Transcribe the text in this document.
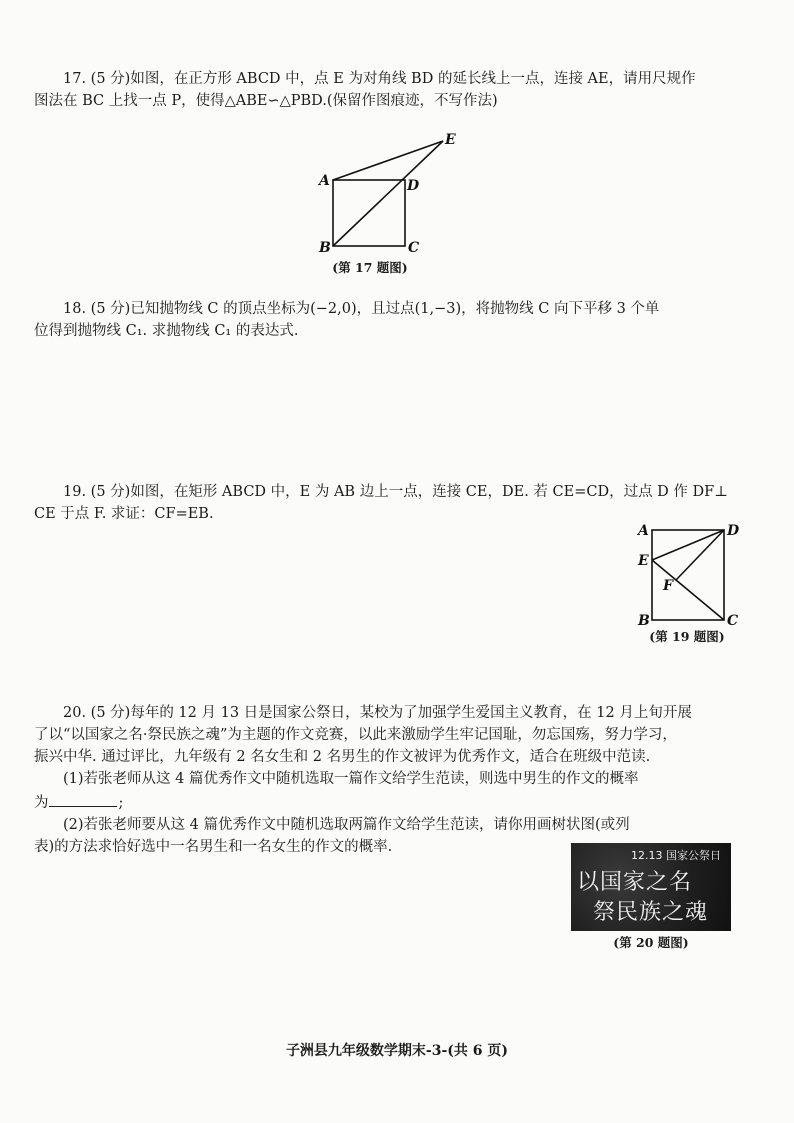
17. (5 分)如图，在正方形 ABCD 中，点 E 为对角线 BD 的延长线上一点，连接 AE，请用尺规作

图法在 BC 上找一点 P，使得△ABE∽△PBD.(保留作图痕迹，不写作法)

A	D
B	C
E
(第 17 题图)

18. (5 分)已知抛物线 C 的顶点坐标为(−2,0)，且过点(1,−3)，将抛物线 C 向下平移 3 个单

位得到抛物线 C₁. 求抛物线 C₁ 的表达式.

19. (5 分)如图，在矩形 ABCD 中，E 为 AB 边上一点，连接 CE，DE. 若 CE=CD，过点 D 作 DF⊥

CE 于点 F. 求证：CF=EB.

A	D
E
F
B	C
(第 19 题图)

20. (5 分)每年的 12 月 13 日是国家公祭日，某校为了加强学生爱国主义教育，在 12 月上旬开展

了以“以国家之名·祭民族之魂”为主题的作文竞赛，以此来激励学生牢记国耻，勿忘国殇，努力学习，

振兴中华. 通过评比，九年级有 2 名女生和 2 名男生的作文被评为优秀作文，适合在班级中范读.

(1)若张老师从这 4 篇优秀作文中随机选取一篇作文给学生范读，则选中男生的作文的概率

为	;

(2)若张老师要从这 4 篇优秀作文中随机选取两篇作文给学生范读，请你用画树状图(或列

表)的方法求恰好选中一名男生和一名女生的作文的概率.

12.13 国家公祭日
以国家之名
祭民族之魂
(第 20 题图)
子洲县九年级数学期末-3-(共 6 页)
